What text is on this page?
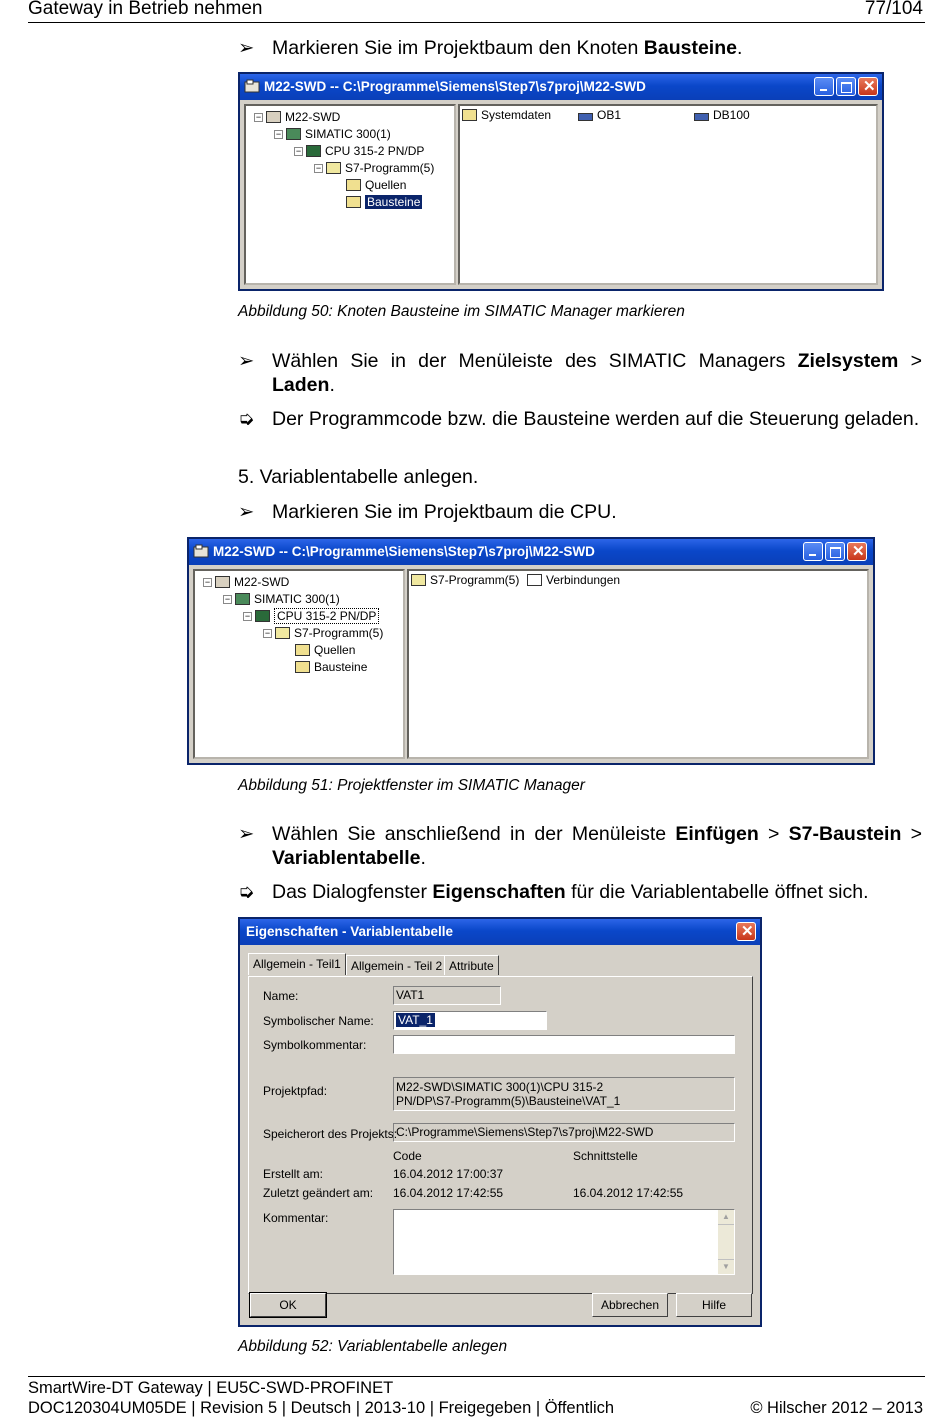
Gateway in Betrieb nehmen	77/104
➢ Markieren Sie im Projektbaum den Knoten Bausteine.
M22-SWD -- C:\Programme\Siemens\Step7\s7proj\M22-SWD	✕
−	M22-SWD
−	SIMATIC 300(1)
−	CPU 315-2 PN/DP
−	S7-Programm(5)
Quellen
Bausteine
Systemdaten	OB1	DB100
Abbildung 50: Knoten Bausteine im SIMATIC Manager markieren
➢ Wählen Sie in der Menüleiste des SIMATIC Managers Zielsystem > Laden.
➭ Der Programmcode bzw. die Bausteine werden auf die Steuerung geladen.
5. Variablentabelle anlegen.
➢ Markieren Sie im Projektbaum die CPU.
M22-SWD -- C:\Programme\Siemens\Step7\s7proj\M22-SWD	✕
−	M22-SWD
−	SIMATIC 300(1)
−	CPU 315-2 PN/DP
−	S7-Programm(5)
Quellen
Bausteine
S7-Programm(5)	Verbindungen
Abbildung 51: Projektfenster im SIMATIC Manager
➢ Wählen Sie anschließend in der Menüleiste Einfügen > S7-Baustein > Variablentabelle.
➭ Das Dialogfenster Eigenschaften für die Variablentabelle öffnet sich.
Eigenschaften - Variablentabelle	✕
Allgemein - Teil1 Allgemein - Teil 2 Attribute
Name:	VAT1
Symbolischer Name:	VAT_1
Symbolkommentar:
Projektpfad:	M22-SWD\SIMATIC 300(1)\CPU 315-2
PN/DP\S7-Programm(5)\Bausteine\VAT_1
Speicherort des Projekts:
C:\Programme\Siemens\Step7\s7proj\M22-SWD
Code	Schnittstelle
Erstellt am:	16.04.2012 17:00:37
Zuletzt geändert am: 16.04.2012 17:42:55	16.04.2012 17:42:55
Kommentar:	▲
▼
OK	Abbrechen	Hilfe
Abbildung 52: Variablentabelle anlegen
SmartWire-DT Gateway | EU5C-SWD-PROFINET
DOC120304UM05DE | Revision 5 | Deutsch | 2013-10 | Freigegeben | Öffentlich	© Hilscher 2012 – 2013
